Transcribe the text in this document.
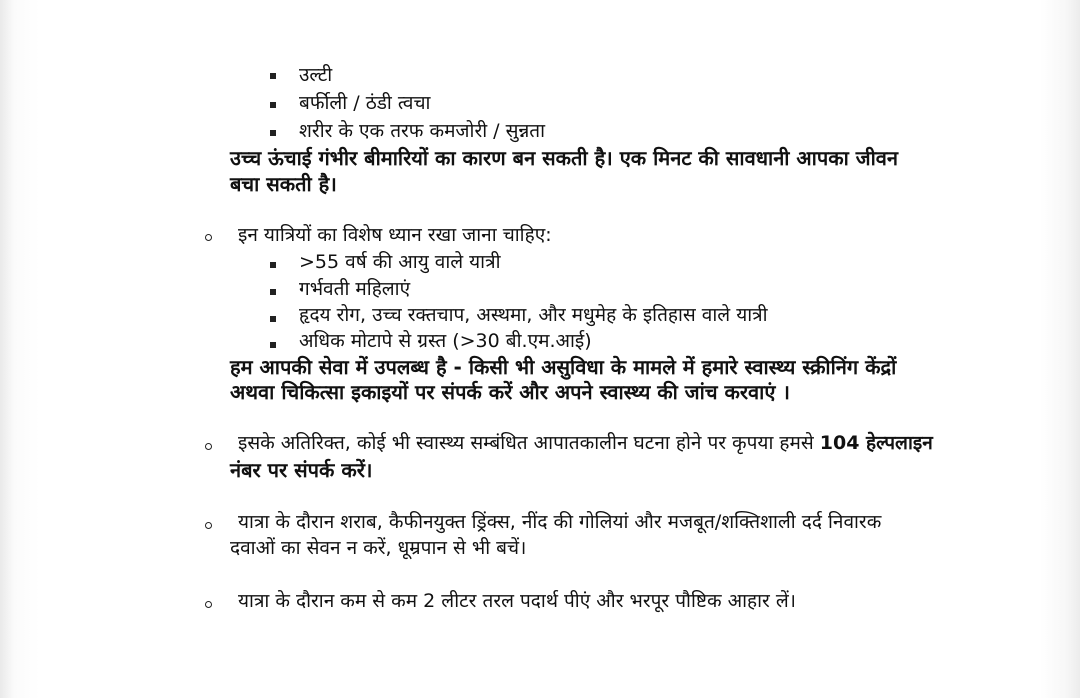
उल्टी
बर्फीली / ठंडी त्वचा
शरीर के एक तरफ कमजोरी / सुन्नता
उच्च ऊंचाई गंभीर बीमारियों का कारण बन सकती है। एक मिनट की सावधानी आपका जीवन
बचा सकती है।
इन यात्रियों का विशेष ध्यान रखा जाना चाहिए:
>55 वर्ष की आयु वाले यात्री
गर्भवती महिलाएं
हृदय रोग, उच्च रक्तचाप, अस्थमा, और मधुमेह के इतिहास वाले यात्री
अधिक मोटापे से ग्रस्त (>30 बी.एम.आई)
हम आपकी सेवा में उपलब्ध है - किसी भी असुविधा के मामले में हमारे स्वास्थ्य स्क्रीनिंग केंद्रों
अथवा चिकित्सा इकाइयों पर संपर्क करें और अपने स्वास्थ्य की जांच करवाएं ।
इसके अतिरिक्त, कोई भी स्वास्थ्य सम्बंधित आपातकालीन घटना होने पर कृपया हमसे 104 हेल्पलाइन
नंबर पर संपर्क करें।
यात्रा के दौरान शराब, कैफीनयुक्त ड्रिंक्स, नींद की गोलियां और मजबूत/शक्तिशाली दर्द निवारक
दवाओं का सेवन न करें, धूम्रपान से भी बचें।
यात्रा के दौरान कम से कम 2 लीटर तरल पदार्थ पीएं और भरपूर पौष्टिक आहार लें।
